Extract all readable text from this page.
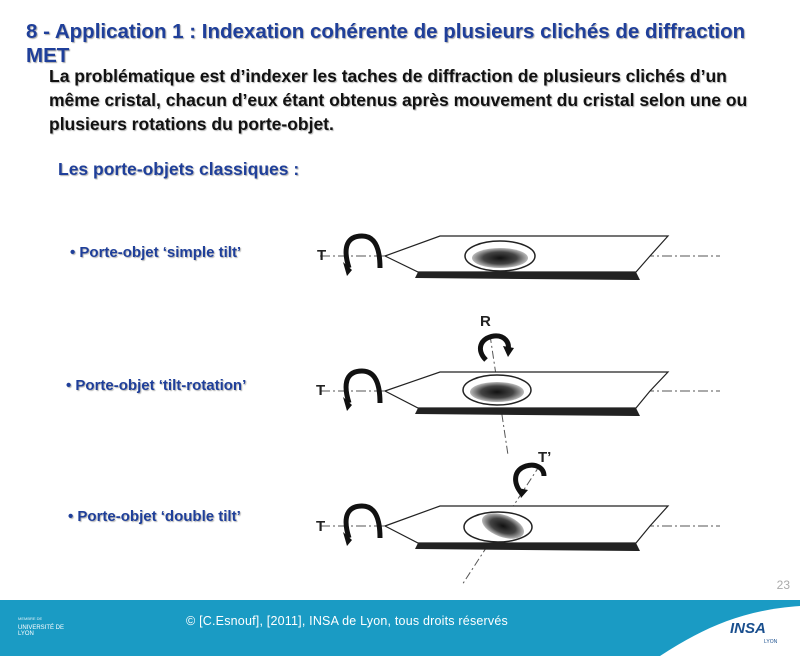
8 - Application 1 : Indexation cohérente de plusieurs clichés de diffraction MET
La problématique est d’indexer les taches de diffraction de plusieurs clichés d’un même cristal, chacun d’eux étant obtenus après mouvement du cristal selon une ou plusieurs rotations du porte-objet.
Les porte-objets classiques :
• Porte-objet ‘simple tilt’
• Porte-objet ‘tilt-rotation’
• Porte-objet ‘double tilt’
T
T
R
T
T’
23
MEMBRE DE
UNIVERSITÉ DE LYON
© [C.Esnouf], [2011], INSA de Lyon, tous droits réservés	INSA
LYON
